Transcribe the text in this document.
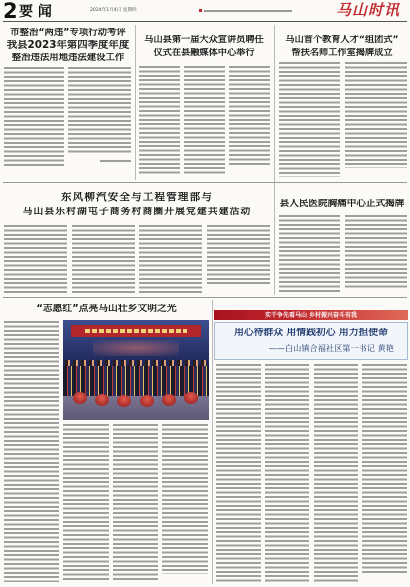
2 要 闻	2024年1月4日 星期四	马山时讯
市整治“两违”专项行动考评
我县2023年第四季度年度
整治违法用地违法建设工作
马山县第一届大众宣讲员聘任
仪式在县融媒体中心举行
马山首个教育人才“组团式”
帮扶名师工作室揭牌成立
东风柳汽安全与工程管理部与
马山县乐村湖屯子商务村商圈开展党建共建活动
县人民医院胸痛中心正式揭牌
“志愿红”点亮马山壮乡文明之光
实干争先看马山 乡村振兴奋斗有我
用心待群众 用情践初心 用力担使命
——白山镇合福社区第一书记 黄艳
